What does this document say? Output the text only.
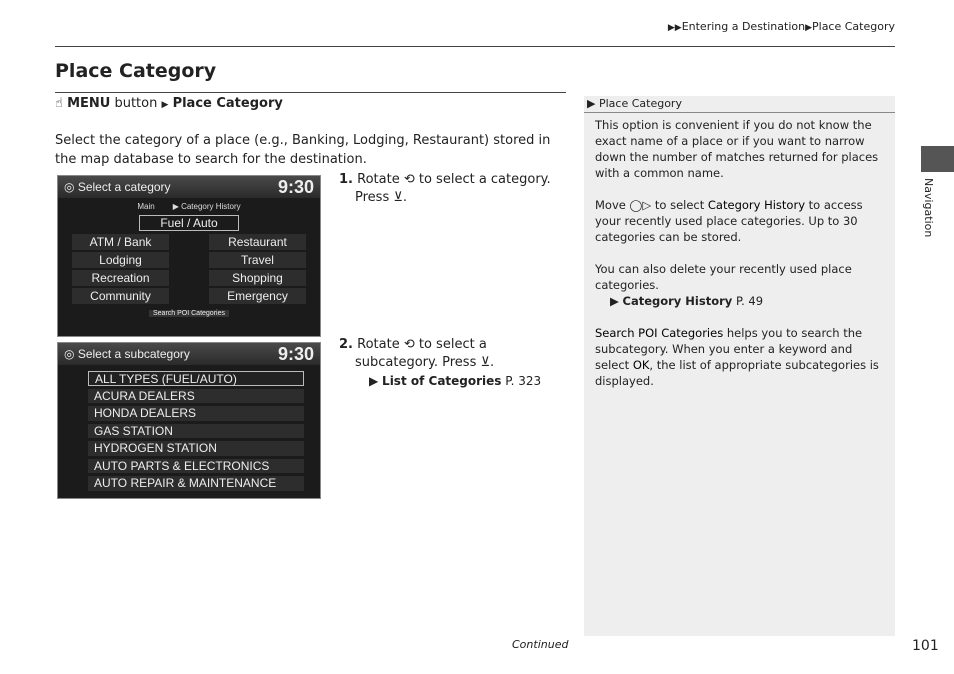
▶▶Entering a Destination▶Place Category
Place Category
☝ MENU button ▶ Place Category
Select the category of a place (e.g., Banking, Lodging, Restaurant) stored in the map database to search for the destination.
◎ Select a category	9:30
Main ▶ Category History
Fuel / Auto
ATM / Bank	Restaurant
Lodging	Travel
Recreation	Shopping
Community	Emergency
Search POI Categories
◎ Select a subcategory	9:30
ALL TYPES (FUEL/AUTO)
ACURA DEALERS
HONDA DEALERS
GAS STATION
HYDROGEN STATION
AUTO PARTS & ELECTRONICS
AUTO REPAIR & MAINTENANCE
1. Rotate ⟲ to select a category.
Press ⊻.
2. Rotate ⟲ to select a
subcategory. Press ⊻.
▶ List of Categories P. 323
▶ Place Category

This option is convenient if you do not know the exact name of a place or if you want to narrow down the number of matches returned for places with a common name.

Move ◯▷ to select Category History to access your recently used place categories. Up to 30 categories can be stored.

You can also delete your recently used place categories.
▶ Category History P. 49

Search POI Categories helps you to search the subcategory. When you enter a keyword and select OK, the list of appropriate subcategories is displayed.

Navigation
Continued	101
